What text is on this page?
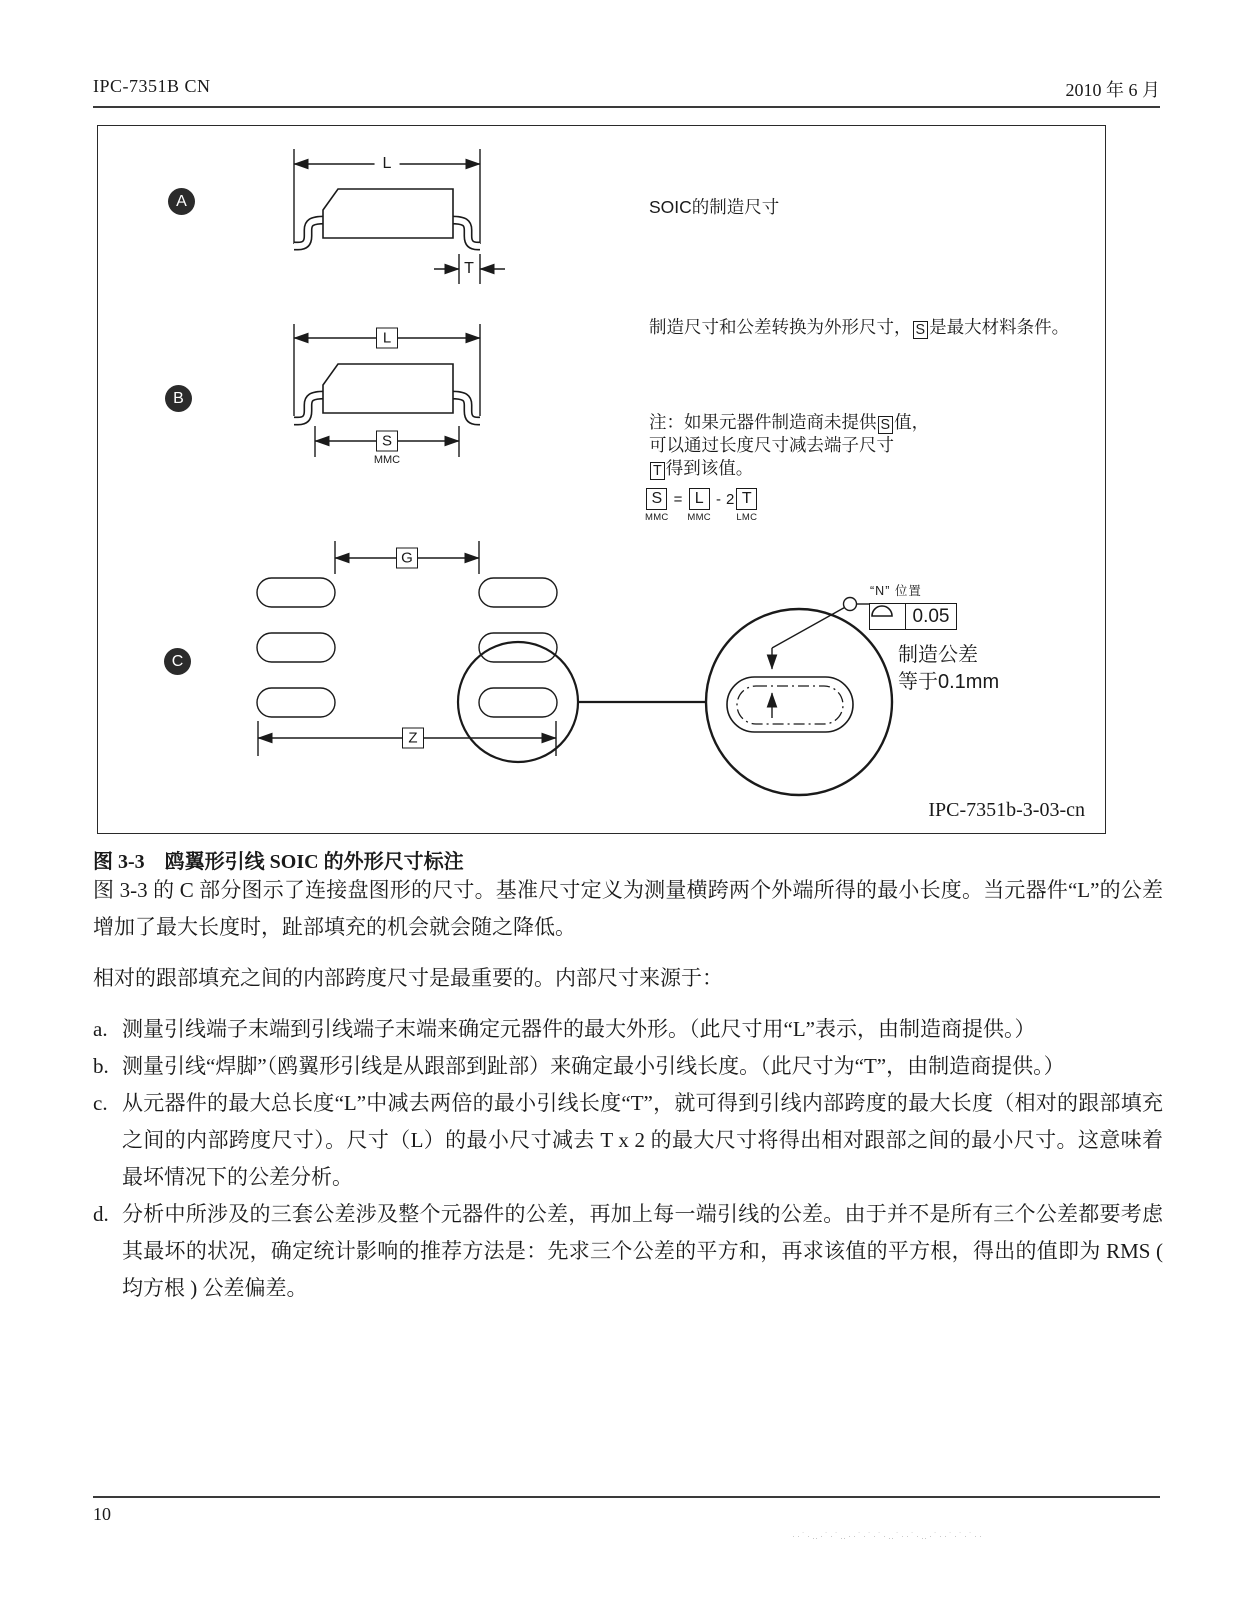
IPC-7351B CN	2010 年 6 月
A
B
C
L
T
L
S
MMC
G
Z
SOIC的制造尺寸
制造尺寸和公差转换为外形尺寸， S 是最大材料条件。
注：如果元器件制造商未提供 S 值，
可以通过长度尺寸减去端子尺寸
T 得到该值。
S
MMC
= L
MMC
- 2 T
LMC
“N” 位置
0.05
制造公差
等于0.1mm
IPC-7351b-3-03-cn
图 3-3　鸥翼形引线 SOIC 的外形尺寸标注

图 3-3 的 C 部分图示了连接盘图形的尺寸。基准尺寸定义为测量横跨两个外端所得的最小长度。当元器件“L”的公差增加了最大长度时，趾部填充的机会就会随之降低。

相对的跟部填充之间的内部跨度尺寸是最重要的。内部尺寸来源于：

a. 测量引线端子末端到引线端子末端来确定元器件的最大外形。（此尺寸用“L”表示，由制造商提供。）
b. 测量引线“焊脚”（鸥翼形引线是从跟部到趾部）来确定最小引线长度。（此尺寸为“T”，由制造商提供。）
c. 从元器件的最大总长度“L”中减去两倍的最小引线长度“T”，就可得到引线内部跨度的最大长度（相对的跟部填充之间的内部跨度尺寸）。尺寸（L）的最小尺寸减去 T x 2 的最大尺寸将得出相对跟部之间的最小尺寸。这意味着最坏情况下的公差分析。
d. 分析中所涉及的三套公差涉及整个元器件的公差，再加上每一端引线的公差。由于并不是所有三个公差都要考虑其最坏的状况，确定统计影响的推荐方法是：先求三个公差的平方和，再求该值的平方根，得出的值即为 RMS ( 均方根 ) 公差偏差。
10
··˙·‥·˙·˙‥··˙·˙·˙·‥˙··˙·‥·˙··˙·˙·˙··
